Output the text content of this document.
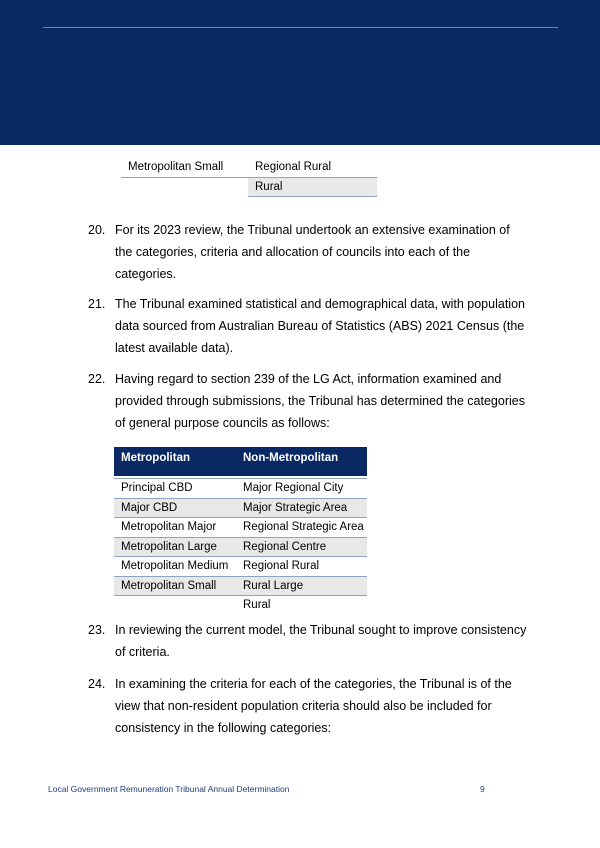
Metropolitan Small	Regional Rural
	Rural
20. For its 2023 review, the Tribunal undertook an extensive examination of the categories, criteria and allocation of councils into each of the categories.
21. The Tribunal examined statistical and demographical data, with population data sourced from Australian Bureau of Statistics (ABS) 2021 Census (the latest available data).
22. Having regard to section 239 of the LG Act, information examined and provided through submissions, the Tribunal has determined the categories of general purpose councils as follows:
Metropolitan	Non-Metropolitan

Principal CBD	Major Regional City
Major CBD	Major Strategic Area
Metropolitan Major	Regional Strategic Area
Metropolitan Large	Regional Centre
Metropolitan Medium	Regional Rural
Metropolitan Small	Rural Large
	Rural
23. In reviewing the current model, the Tribunal sought to improve consistency of criteria.
24. In examining the criteria for each of the categories, the Tribunal is of the view that non-resident population criteria should also be included for consistency in the following categories:
Local Government Remuneration Tribunal Annual Determination	9
